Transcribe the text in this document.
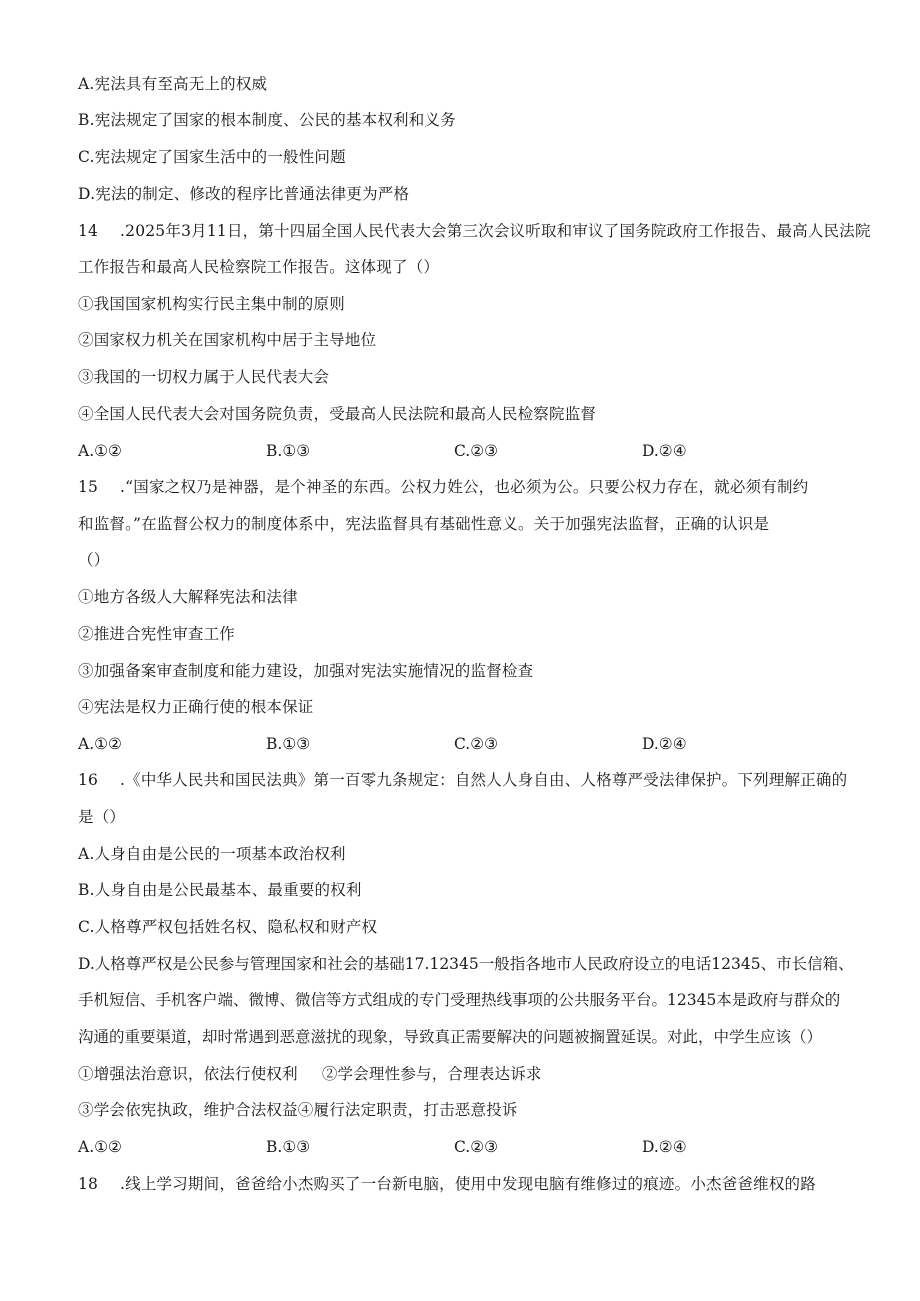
A.宪法具有至高无上的权威
B.宪法规定了国家的根本制度、公民的基本权利和义务
C.宪法规定了国家生活中的一般性问题
D.宪法的制定、修改的程序比普通法律更为严格
14 .2025年3月11日，第十四届全国人民代表大会第三次会议听取和审议了国务院政府工作报告、最高人民法院
工作报告和最高人民检察院工作报告。这体现了（）
①我国国家机构实行民主集中制的原则
②国家权力机关在国家机构中居于主导地位
③我国的一切权力属于人民代表大会
④全国人民代表大会对国务院负责，受最高人民法院和最高人民检察院监督
A.①②	B.①③	C.②③	D.②④
15 .“国家之权乃是神器，是个神圣的东西。公权力姓公，也必须为公。只要公权力存在，就必须有制约
和监督。”在监督公权力的制度体系中，宪法监督具有基础性意义。关于加强宪法监督，正确的认识是
（）
①地方各级人大解释宪法和法律
②推进合宪性审查工作
③加强备案审查制度和能力建设，加强对宪法实施情况的监督检查
④宪法是权力正确行使的根本保证
A.①②	B.①③	C.②③	D.②④
16 .《中华人民共和国民法典》第一百零九条规定：自然人人身自由、人格尊严受法律保护。下列理解正确的
是（）
A.人身自由是公民的一项基本政治权利
B.人身自由是公民最基本、最重要的权利
C.人格尊严权包括姓名权、隐私权和财产权
D.人格尊严权是公民参与管理国家和社会的基础17.12345一般指各地市人民政府设立的电话12345、市长信箱、
手机短信、手机客户端、微博、微信等方式组成的专门受理热线事项的公共服务平台。12345本是政府与群众的
沟通的重要渠道，却时常遇到恶意滋扰的现象，导致真正需要解决的问题被搁置延误。对此，中学生应该（）
①增强法治意识，依法行使权利 ②学会理性参与，合理表达诉求
③学会依宪执政，维护合法权益④履行法定职责，打击恶意投诉
A.①②	B.①③	C.②③	D.②④
18 .线上学习期间，爸爸给小杰购买了一台新电脑，使用中发现电脑有维修过的痕迹。小杰爸爸维权的路
